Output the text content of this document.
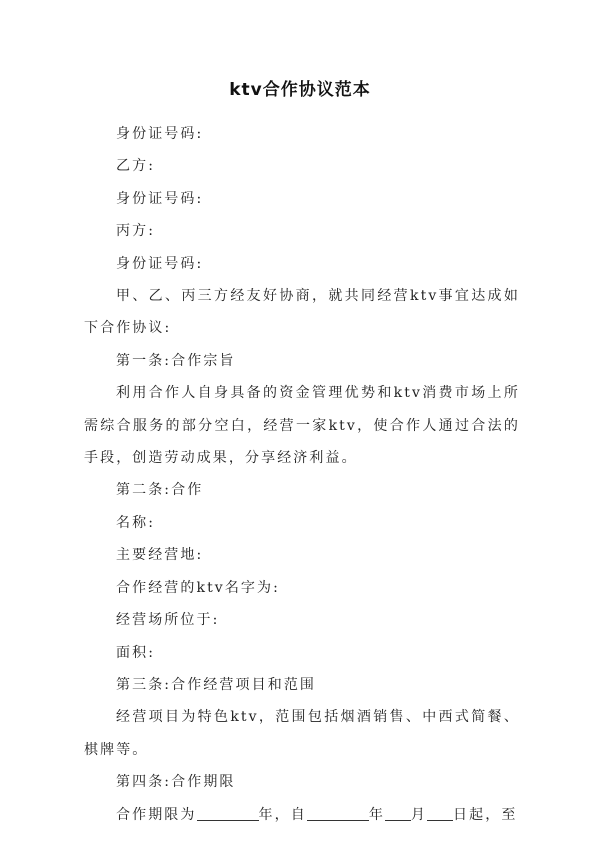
ktv合作协议范本

身份证号码:

乙方:

身份证号码:

丙方:

身份证号码:

甲、乙、丙三方经友好协商，就共同经营ktv事宜达成如下合作协议:

第一条:合作宗旨

利用合作人自身具备的资金管理优势和ktv消费市场上所需综合服务的部分空白，经营一家ktv，使合作人通过合法的手段，创造劳动成果，分享经济利益。

第二条:合作

名称:

主要经营地:

合作经营的ktv名字为:

经营场所位于:

面积:

第三条:合作经营项目和范围

经营项目为特色ktv，范围包括烟酒销售、中西式简餐、棋牌等。

第四条:合作期限

合作期限为	年，自	年 月 日起，至
